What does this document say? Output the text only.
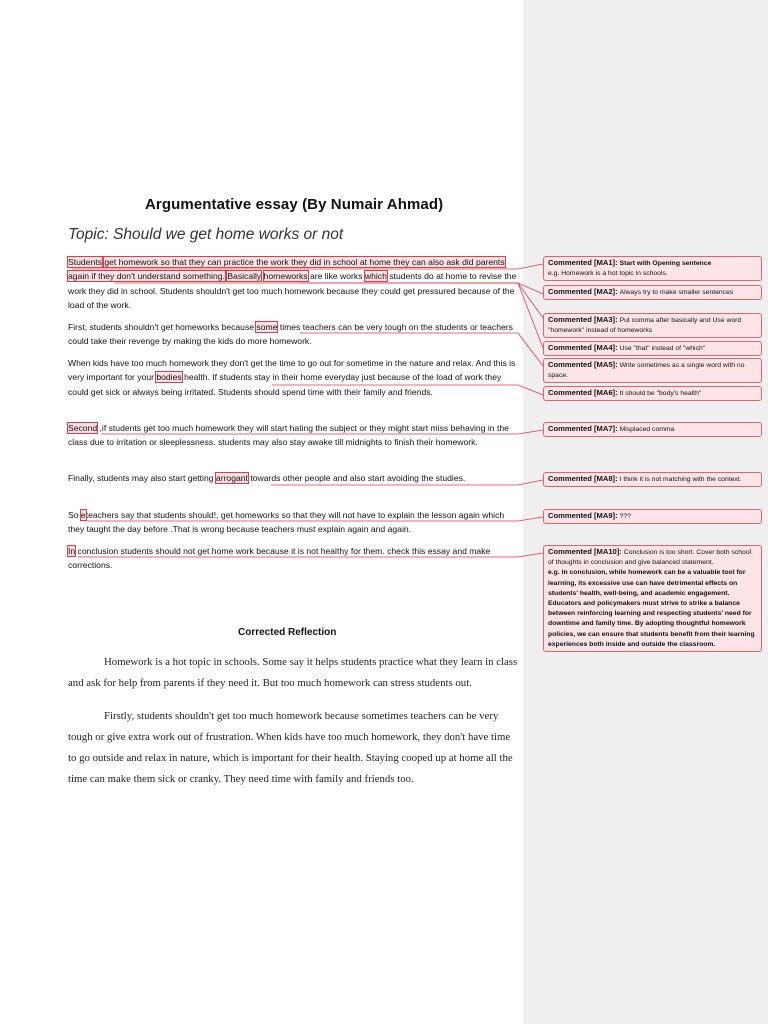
Argumentative essay (By Numair Ahmad)
Topic: Should we get home works or not

Students get homework so that they can practice the work they did in school at home they can also ask did parents again if they don't understand something. Basically homeworks are like works which students do at home to revise the work they did in school. Students shouldn't get too much homework because they could get pressured because of the load of the work.

First, students shouldn't get homeworks because some times teachers can be very tough on the students or teachers could take their revenge by making the kids do more homework.

When kids have too much homework they don't get the time to go out for sometime in the nature and relax. And this is very important for your bodies health. If students stay in their home everyday just because of the load of work they could get sick or always being irritated. Students should spend time with their family and friends.

Second ,if students get too much homework they will start hating the subject or they might start miss behaving in the class due to irritation or sleeplessness. students may also stay awake till midnights to finish their homework.

Finally, students may also start getting arrogant towards other people and also start avoiding the studies.

So eteachers say that students should!, get homeworks so that they will not have to explain the lesson again which they taught the day before .That is wrong because teachers must explain again and again.

In conclusion students should not get home work because it is not healthy for them. check this essay and make corrections.

Corrected Reflection

Homework is a hot topic in schools. Some say it helps students practice what they learn in class and ask for help from parents if they need it. But too much homework can stress students out.

Firstly, students shouldn't get too much homework because sometimes teachers can be very tough or give extra work out of frustration. When kids have too much homework, they don't have time to go outside and relax in nature, which is important for their health. Staying cooped up at home all the time can make them sick or cranky. They need time with family and friends too.

Commented [MA1]: Start with Opening sentence
e.g. Homework is a hot topic in schools.
Commented [MA2]: Always try to make smaller sentences
Commented [MA3]: Put comma after basically and Use word "homework" instead of homeworks
Commented [MA4]: Use "that" instead of "which"
Commented [MA5]: Write sometimes as a single word with no space.
Commented [MA6]: It should be "body's health"
Commented [MA7]: Misplaced comma
Commented [MA8]: I think it is not matching with the context.
Commented [MA9]: ???
Commented [MA10]: Conclusion is too short. Cover both school of thoughts in conclusion and give balanced statement.
e.g. In conclusion, while homework can be a valuable tool for learning, its excessive use can have detrimental effects on students' health, well-being, and academic engagement. Educators and policymakers must strive to strike a balance between reinforcing learning and respecting students' need for downtime and family time. By adopting thoughtful homework policies, we can ensure that students benefit from their learning experiences both inside and outside the classroom.
